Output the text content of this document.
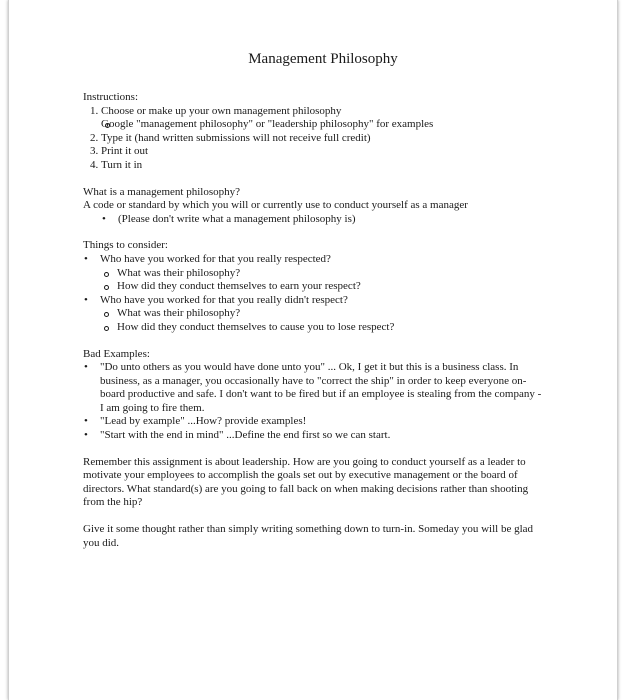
Management Philosophy

Instructions:

1. Choose or make up your own management philosophy
Google "management philosophy" or "leadership philosophy" for examples
2. Type it (hand written submissions will not receive full credit)
3. Print it out
4. Turn it in

What is a management philosophy?

A code or standard by which you will or currently use to conduct yourself as a manager

• (Please don't write what a management philosophy is)

Things to consider:

• Who have you worked for that you really respected?
What was their philosophy?
How did they conduct themselves to earn your respect?
• Who have you worked for that you really didn't respect?
What was their philosophy?
How did they conduct themselves to cause you to lose respect?

Bad Examples:

• "Do unto others as you would have done unto you" ... Ok, I get it but this is a business class. In business, as a manager, you occasionally have to "correct the ship" in order to keep everyone on-board productive and safe. I don't want to be fired but if an employee is stealing from the company - I am going to fire them.
• "Lead by example" ...How? provide examples!
• "Start with the end in mind" ...Define the end first so we can start.

Remember this assignment is about leadership. How are you going to conduct yourself as a leader to motivate your employees to accomplish the goals set out by executive management or the board of directors. What standard(s) are you going to fall back on when making decisions rather than shooting from the hip?

Give it some thought rather than simply writing something down to turn-in. Someday you will be glad you did.
